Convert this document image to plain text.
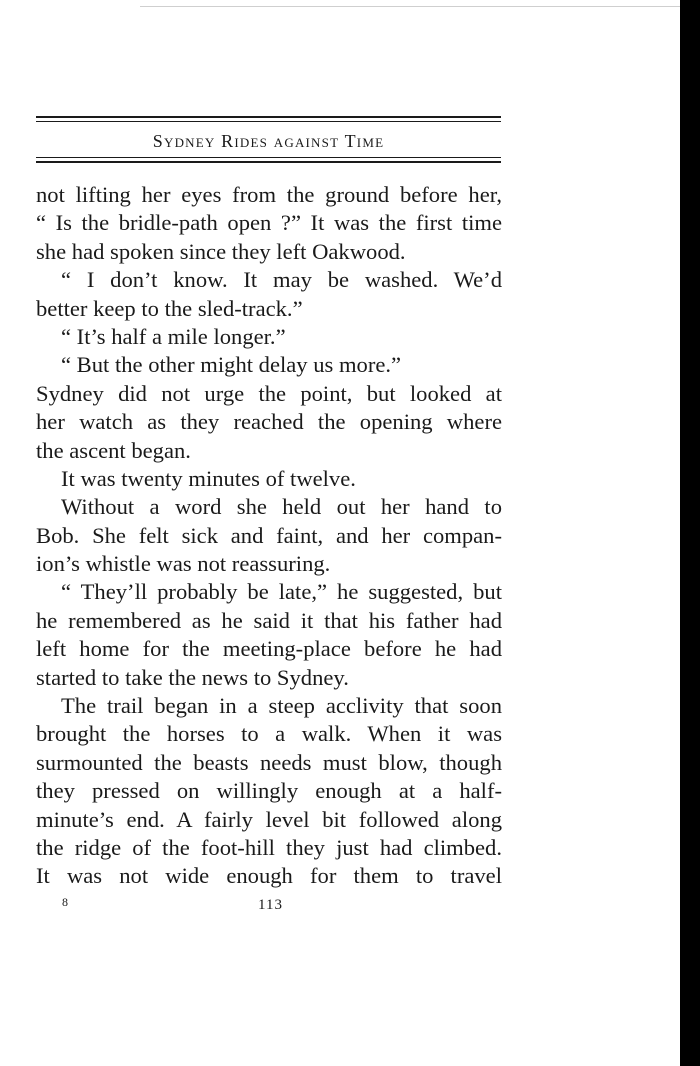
Sydney Rides against Time
not lifting her eyes from the ground before her,
“ Is the bridle-path open ?” It was the first time
she had spoken since they left Oakwood.
“ I don’t know. It may be washed. We’d
better keep to the sled-track.”
“ It’s half a mile longer.”
“ But the other might delay us more.”
Sydney did not urge the point, but looked at
her watch as they reached the opening where
the ascent began.
It was twenty minutes of twelve.
Without a word she held out her hand to
Bob. She felt sick and faint, and her compan-
ion’s whistle was not reassuring.
“ They’ll probably be late,” he suggested, but
he remembered as he said it that his father had
left home for the meeting-place before he had
started to take the news to Sydney.
The trail began in a steep acclivity that soon
brought the horses to a walk. When it was
surmounted the beasts needs must blow, though
they pressed on willingly enough at a half-
minute’s end. A fairly level bit followed along
the ridge of the foot-hill they just had climbed.
It was not wide enough for them to travel
8	113
